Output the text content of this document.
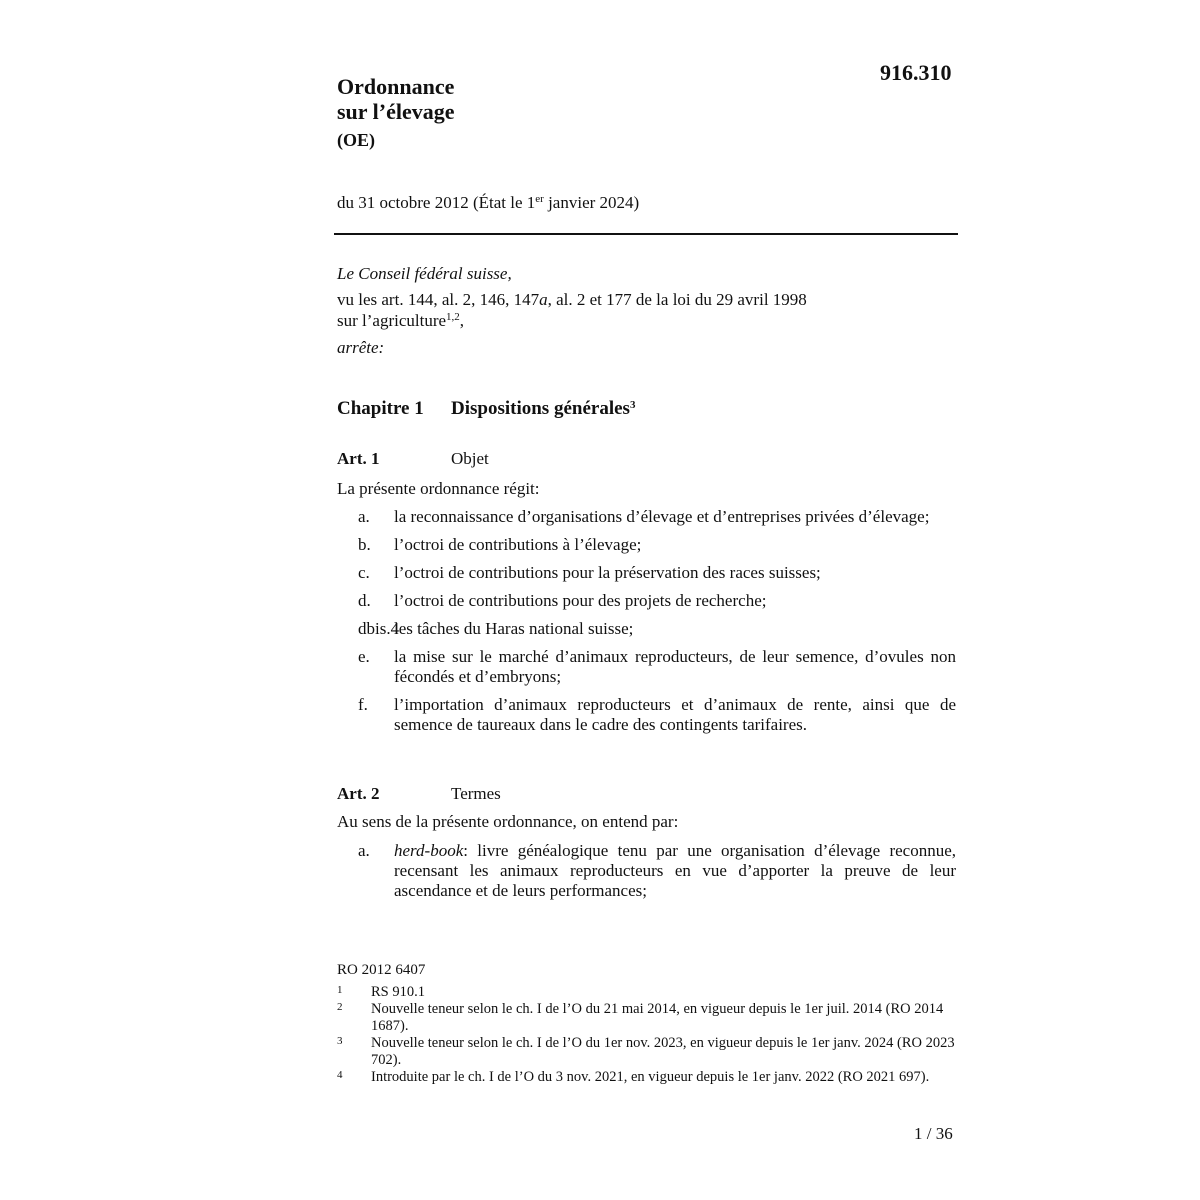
916.310
Ordonnance
sur l’élevage
(OE)
du 31 octobre 2012 (État le 1er janvier 2024)
Le Conseil fédéral suisse,
vu les art. 144, al. 2, 146, 147a, al. 2 et 177 de la loi du 29 avril 1998
sur l’agriculture$^{1,2}$,
arrête:
Chapitre 1 Dispositions générales$^3$
Art. 1	Objet
La présente ordonnance régit:
a.	la reconnaissance d’organisations d’élevage et d’entreprises privées d’élevage;
b.	l’octroi de contributions à l’élevage;
c.	l’octroi de contributions pour la préservation des races suisses;
d.	l’octroi de contributions pour des projets de recherche;
dbis.4
les tâches du Haras national suisse;
e.	la mise sur le marché d’animaux reproducteurs, de leur semence, d’ovules non fécondés et d’embryons;
f.	l’importation d’animaux reproducteurs et d’animaux de rente, ainsi que de semence de taureaux dans le cadre des contingents tarifaires.
Art. 2	Termes
Au sens de la présente ordonnance, on entend par:
a.	herd-book: livre généalogique tenu par une organisation d’élevage reconnue, recensant les animaux reproducteurs en vue d’apporter la preuve de leur ascendance et de leurs performances;
RO 2012 6407
1	RS 910.1
2	Nouvelle teneur selon le ch. I de l’O du 21 mai 2014, en vigueur depuis le 1er juil. 2014 (RO 2014 1687).
3	Nouvelle teneur selon le ch. I de l’O du 1er nov. 2023, en vigueur depuis le 1er janv. 2024 (RO 2023 702).
4	Introduite par le ch. I de l’O du 3 nov. 2021, en vigueur depuis le 1er janv. 2022 (RO 2021 697).
1 / 36
